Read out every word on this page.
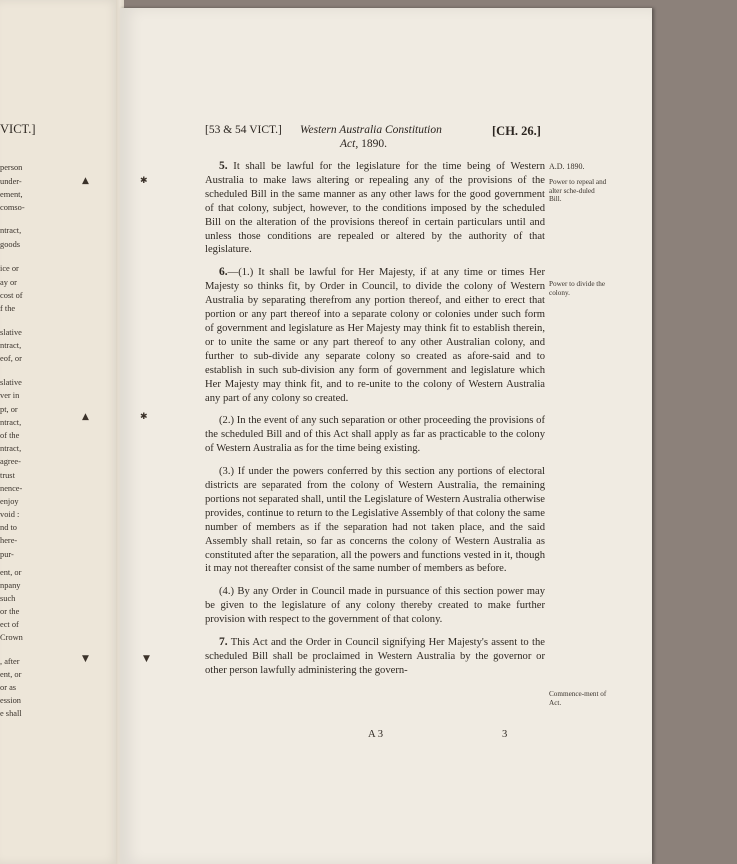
VICT.]
person
under-
ement,
comso-
ntract,
goods
ice or
ay or
cost of
f the
slative
ntract,
eof, or
slative
ver in
pt, or
ntract,
of the
ntract,
agree-
trust
nence-
enjoy
void :
nd to
here-
pur-
ent, or
npany
such
or the
ect of
Crown
, after
ent, or
or as
ession
e shall
▲	✱
▲	✱
▼	▼
[53 & 54 VICT.] Western Australia Constitution	[CH. 26.]
Act, 1890.
A.D. 1890.
Power to repeal and alter sche-duled Bill.
Power to divide the colony.
Commence-ment of Act.

5. It shall be lawful for the legislature for the time being of Western Australia to make laws altering or repealing any of the provisions of the scheduled Bill in the same manner as any other laws for the good government of that colony, subject, however, to the conditions imposed by the scheduled Bill on the alteration of the provisions thereof in certain particulars until and unless those conditions are repealed or altered by the authority of that legislature.

6.—(1.) It shall be lawful for Her Majesty, if at any time or times Her Majesty so thinks fit, by Order in Council, to divide the colony of Western Australia by separating therefrom any portion thereof, and either to erect that portion or any part thereof into a separate colony or colonies under such form of government and legislature as Her Majesty may think fit to establish therein, or to unite the same or any part thereof to any other Australian colony, and further to sub-divide any separate colony so created as afore-said and to establish in such sub-division any form of government and legislature which Her Majesty may think fit, and to re-unite to the colony of Western Australia any part of any colony so created.

(2.) In the event of any such separation or other proceeding the provisions of the scheduled Bill and of this Act shall apply as far as practicable to the colony of Western Australia as for the time being existing.

(3.) If under the powers conferred by this section any portions of electoral districts are separated from the colony of Western Australia, the remaining portions not separated shall, until the Legislature of Western Australia otherwise provides, continue to return to the Legislative Assembly of that colony the same number of members as if the separation had not taken place, and the said Assembly shall retain, so far as concerns the colony of Western Australia as constituted after the separation, all the powers and functions vested in it, though it may not thereafter consist of the same number of members as before.

(4.) By any Order in Council made in pursuance of this section power may be given to the legislature of any colony thereby created to make further provision with respect to the government of that colony.

7. This Act and the Order in Council signifying Her Majesty's assent to the scheduled Bill shall be proclaimed in Western Australia by the governor or other person lawfully administering the govern-

A 3	3
